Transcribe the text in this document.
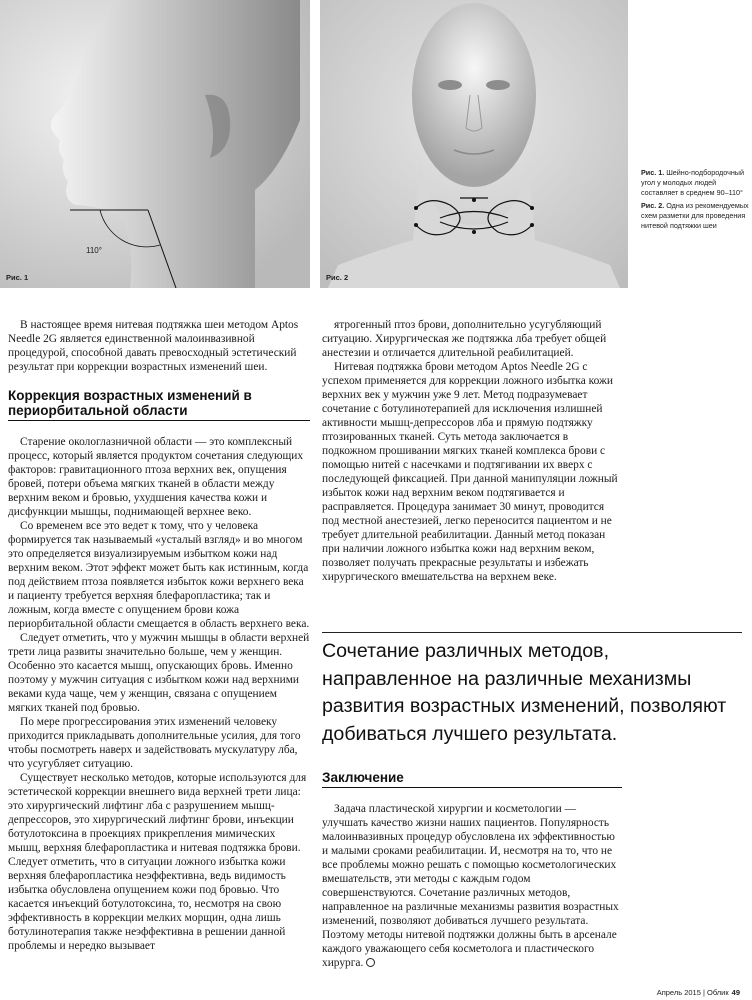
Рис. 1
110°
Рис. 2

Рис. 1. Шейно-подбородочный угол у молодых людей составляет в среднем 90–110°

Рис. 2. Одна из рекомендуемых схем разметки для проведения нитевой подтяжки шеи

В настоящее время нитевая подтяжка шеи методом Aptos Needle 2G является единственной малоинвазивной процедурой, способной давать превосходный эстетический результат при коррекции возрастных изменений шеи.

Коррекция возрастных изменений в периорбитальной области

Старение окологлазничной области — это комплексный процесс, который является продуктом сочетания следующих факторов: гравитационного птоза верхних век, опущения бровей, потери объема мягких тканей в области между верхним веком и бровью, ухудшения качества кожи и дисфункции мышцы, поднимающей верхнее веко.

Со временем все это ведет к тому, что у человека формируется так называемый «усталый взгляд» и во многом это определяется визуализируемым избытком кожи над верхним веком. Этот эффект может быть как истинным, когда под действием птоза появляется избыток кожи верхнего века и пациенту требуется верхняя блефаропластика; так и ложным, когда вместе с опущением брови кожа периорбитальной области смещается в область верхнего века.

Следует отметить, что у мужчин мышцы в области верхней трети лица развиты значительно больше, чем у женщин. Особенно это касается мышц, опускающих бровь. Именно поэтому у мужчин ситуация с избытком кожи над верхними веками куда чаще, чем у женщин, связана с опущением мягких тканей под бровью.

По мере прогрессирования этих изменений человеку приходится прикладывать дополнительные усилия, для того чтобы посмотреть наверх и задействовать мускулатуру лба, что усугубляет ситуацию.

Существует несколько методов, которые используются для эстетической коррекции внешнего вида верхней трети лица: это хирургический лифтинг лба с разрушением мышц-депрессоров, это хирургический лифтинг брови, инъекции ботулотоксина в проекциях прикрепления мимических мышц, верхняя блефаропластика и нитевая подтяжка брови. Следует отметить, что в ситуации ложного избытка кожи верхняя блефаропластика неэффективна, ведь видимость избытка обусловлена опущением кожи под бровью. Что касается инъекций ботулотоксина, то, несмотря на свою эффективность в коррекции мелких морщин, одна лишь ботулинотерапия также неэффективна в решении данной проблемы и нередко вызывает

ятрогенный птоз брови, дополнительно усугубляющий ситуацию. Хирургическая же подтяжка лба требует общей анестезии и отличается длительной реабилитацией.

Нитевая подтяжка брови методом Aptos Needle 2G с успехом применяется для коррекции ложного избытка кожи верхних век у мужчин уже 9 лет. Метод подразумевает сочетание с ботулинотерапией для исключения излишней активности мышц-депрессоров лба и прямую подтяжку птозированных тканей. Суть метода заключается в подкожном прошивании мягких тканей комплекса брови с помощью нитей с насечками и подтягивании их вверх с последующей фиксацией. При данной манипуляции ложный избыток кожи над верхним веком подтягивается и расправляется. Процедура занимает 30 минут, проводится под местной анестезией, легко переносится пациентом и не требует длительной реабилитации. Данный метод показан при наличии ложного избытка кожи над верхним веком, позволяет получать прекрасные результаты и избежать хирургического вмешательства на верхнем веке.

Сочетание различных методов, направленное на различные механизмы развития возрастных изменений, позволяют добиваться лучшего результата.
Заключение

Задача пластической хирургии и косметологии — улучшать качество жизни наших пациентов. Популярность малоинвазивных процедур обусловлена их эффективностью и малыми сроками реабилитации. И, несмотря на то, что не все проблемы можно решать с помощью косметологических вмешательств, эти методы с каждым годом совершенствуются. Сочетание различных методов, направленное на различные механизмы развития возрастных изменений, позволяют добиваться лучшего результата. Поэтому методы нитевой подтяжки должны быть в арсенале каждого уважающего себя косметолога и пластического хирурга.

Апрель 2015 | Облик 49
